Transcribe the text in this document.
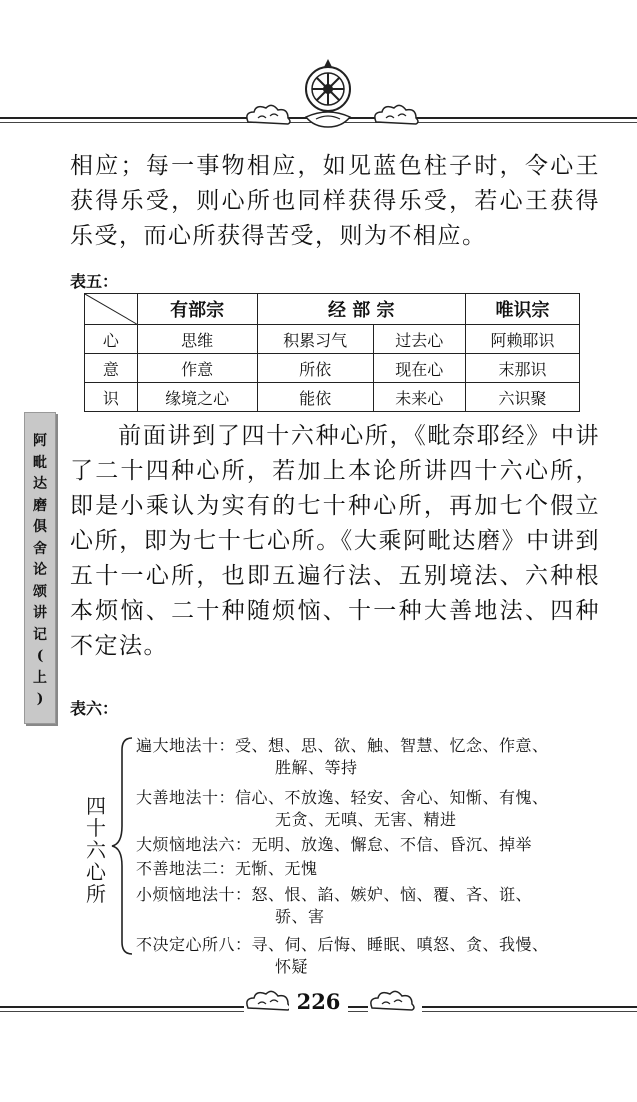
阿
毗
达
磨
俱
舍
论
颂
讲
记
(
上
)
相应；每一事物相应，如见蓝色柱子时，令心王获得乐受，则心所也同样获得乐受，若心王获得乐受，而心所获得苦受，则为不相应。
表五：
	有部宗	经 部 宗		唯识宗
心	思维	积累习气	过去心	阿赖耶识
意	作意	所依	现在心	末那识
识	缘境之心	能依	未来心	六识聚
前面讲到了四十六种心所，《毗奈耶经》中讲了二十四种心所，若加上本论所讲四十六心所，即是小乘认为实有的七十种心所，再加七个假立心所，即为七十七心所。《大乘阿毗达磨》中讲到五十一心所，也即五遍行法、五别境法、六种根本烦恼、二十种随烦恼、十一种大善地法、四种不定法。
表六：
四
十
六
心
所
遍大地法十：受、想、思、欲、触、智慧、忆念、作意、
胜解、等持
大善地法十：信心、不放逸、轻安、舍心、知惭、有愧、
无贪、无嗔、无害、精进
大烦恼地法六：无明、放逸、懈怠、不信、昏沉、掉举
不善地法二：无惭、无愧
小烦恼地法十：怒、恨、諂、嫉妒、恼、覆、吝、诳、
骄、害
不决定心所八：寻、伺、后悔、睡眠、嗔怒、贪、我慢、
怀疑
226
